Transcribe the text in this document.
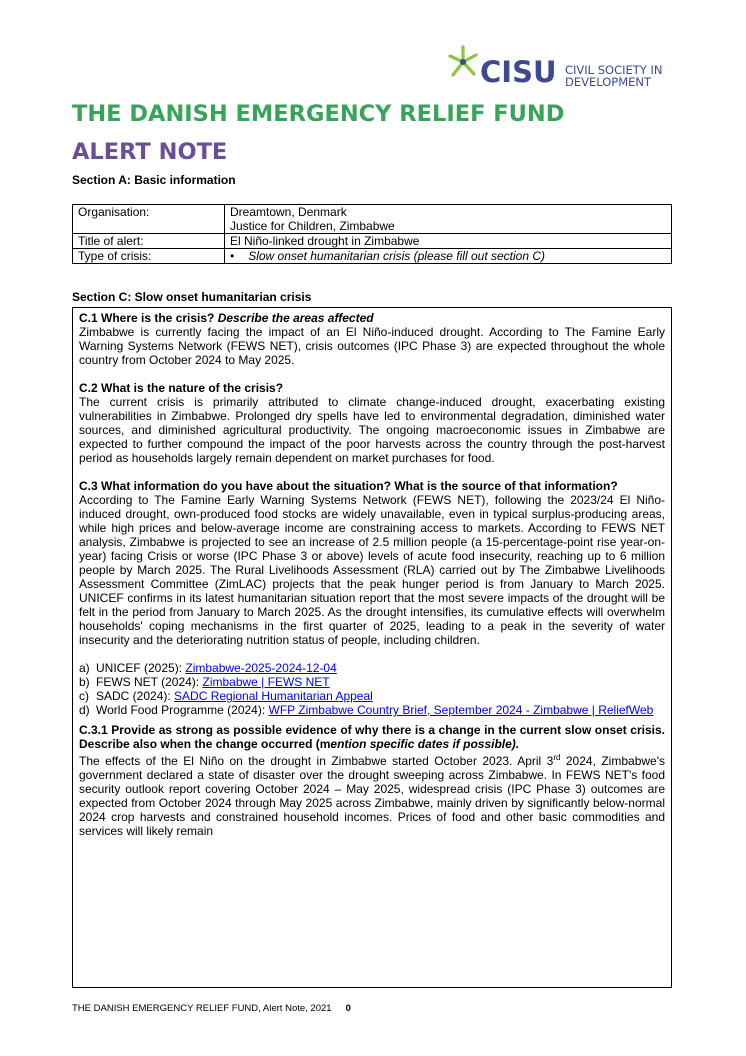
CISU CIVIL SOCIETY IN
DEVELOPMENT
THE DANISH EMERGENCY RELIEF FUND
ALERT NOTE
Section A: Basic information
Organisation:	Dreamtown, Denmark
Justice for Children, Zimbabwe

Title of alert:	El Niño-linked drought in Zimbabwe
Type of crisis:	• Slow onset humanitarian crisis (please fill out section C)
Section C: Slow onset humanitarian crisis
C.1 Where is the crisis? Describe the areas affected

Zimbabwe is currently facing the impact of an El Niño-induced drought. According to The Famine Early Warning Systems Network (FEWS NET), crisis outcomes (IPC Phase 3) are expected throughout the whole country from October 2024 to May 2025.

C.2 What is the nature of the crisis?

The current crisis is primarily attributed to climate change-induced drought, exacerbating existing vulnerabilities in Zimbabwe. Prolonged dry spells have led to environmental degradation, diminished water sources, and diminished agricultural productivity. The ongoing macroeconomic issues in Zimbabwe are expected to further compound the impact of the poor harvests across the country through the post-harvest period as households largely remain dependent on market purchases for food.

C.3 What information do you have about the situation? What is the source of that information?

According to The Famine Early Warning Systems Network (FEWS NET), following the 2023/24 El Niño-induced drought, own-produced food stocks are widely unavailable, even in typical surplus-producing areas, while high prices and below-average income are constraining access to markets. According to FEWS NET analysis, Zimbabwe is projected to see an increase of 2.5 million people (a 15-percentage-point rise year-on-year) facing Crisis or worse (IPC Phase 3 or above) levels of acute food insecurity, reaching up to 6 million people by March 2025. The Rural Livelihoods Assessment (RLA) carried out by The Zimbabwe Livelihoods Assessment Committee (ZimLAC) projects that the peak hunger period is from January to March 2025. UNICEF confirms in its latest humanitarian situation report that the most severe impacts of the drought will be felt in the period from January to March 2025. As the drought intensifies, its cumulative effects will overwhelm households' coping mechanisms in the first quarter of 2025, leading to a peak in the severity of water insecurity and the deteriorating nutrition status of people, including children.

a) UNICEF (2025): Zimbabwe-2025-2024-12-04
b) FEWS NET (2024): Zimbabwe | FEWS NET
c) SADC (2024): SADC Regional Humanitarian Appeal
d) World Food Programme (2024): WFP Zimbabwe Country Brief, September 2024 - Zimbabwe | ReliefWeb
C.3.1 Provide as strong as possible evidence of why there is a change in the current slow onset crisis. Describe also when the change occurred (mention specific dates if possible).

The effects of the El Niño on the drought in Zimbabwe started October 2023. April 3rd 2024, Zimbabwe's government declared a state of disaster over the drought sweeping across Zimbabwe. In FEWS NET's food security outlook report covering October 2024 – May 2025, widespread crisis (IPC Phase 3) outcomes are expected from October 2024 through May 2025 across Zimbabwe, mainly driven by significantly below-normal 2024 crop harvests and constrained household incomes. Prices of food and other basic commodities and services will likely remain

THE DANISH EMERGENCY RELIEF FUND, Alert Note, 2021 0
